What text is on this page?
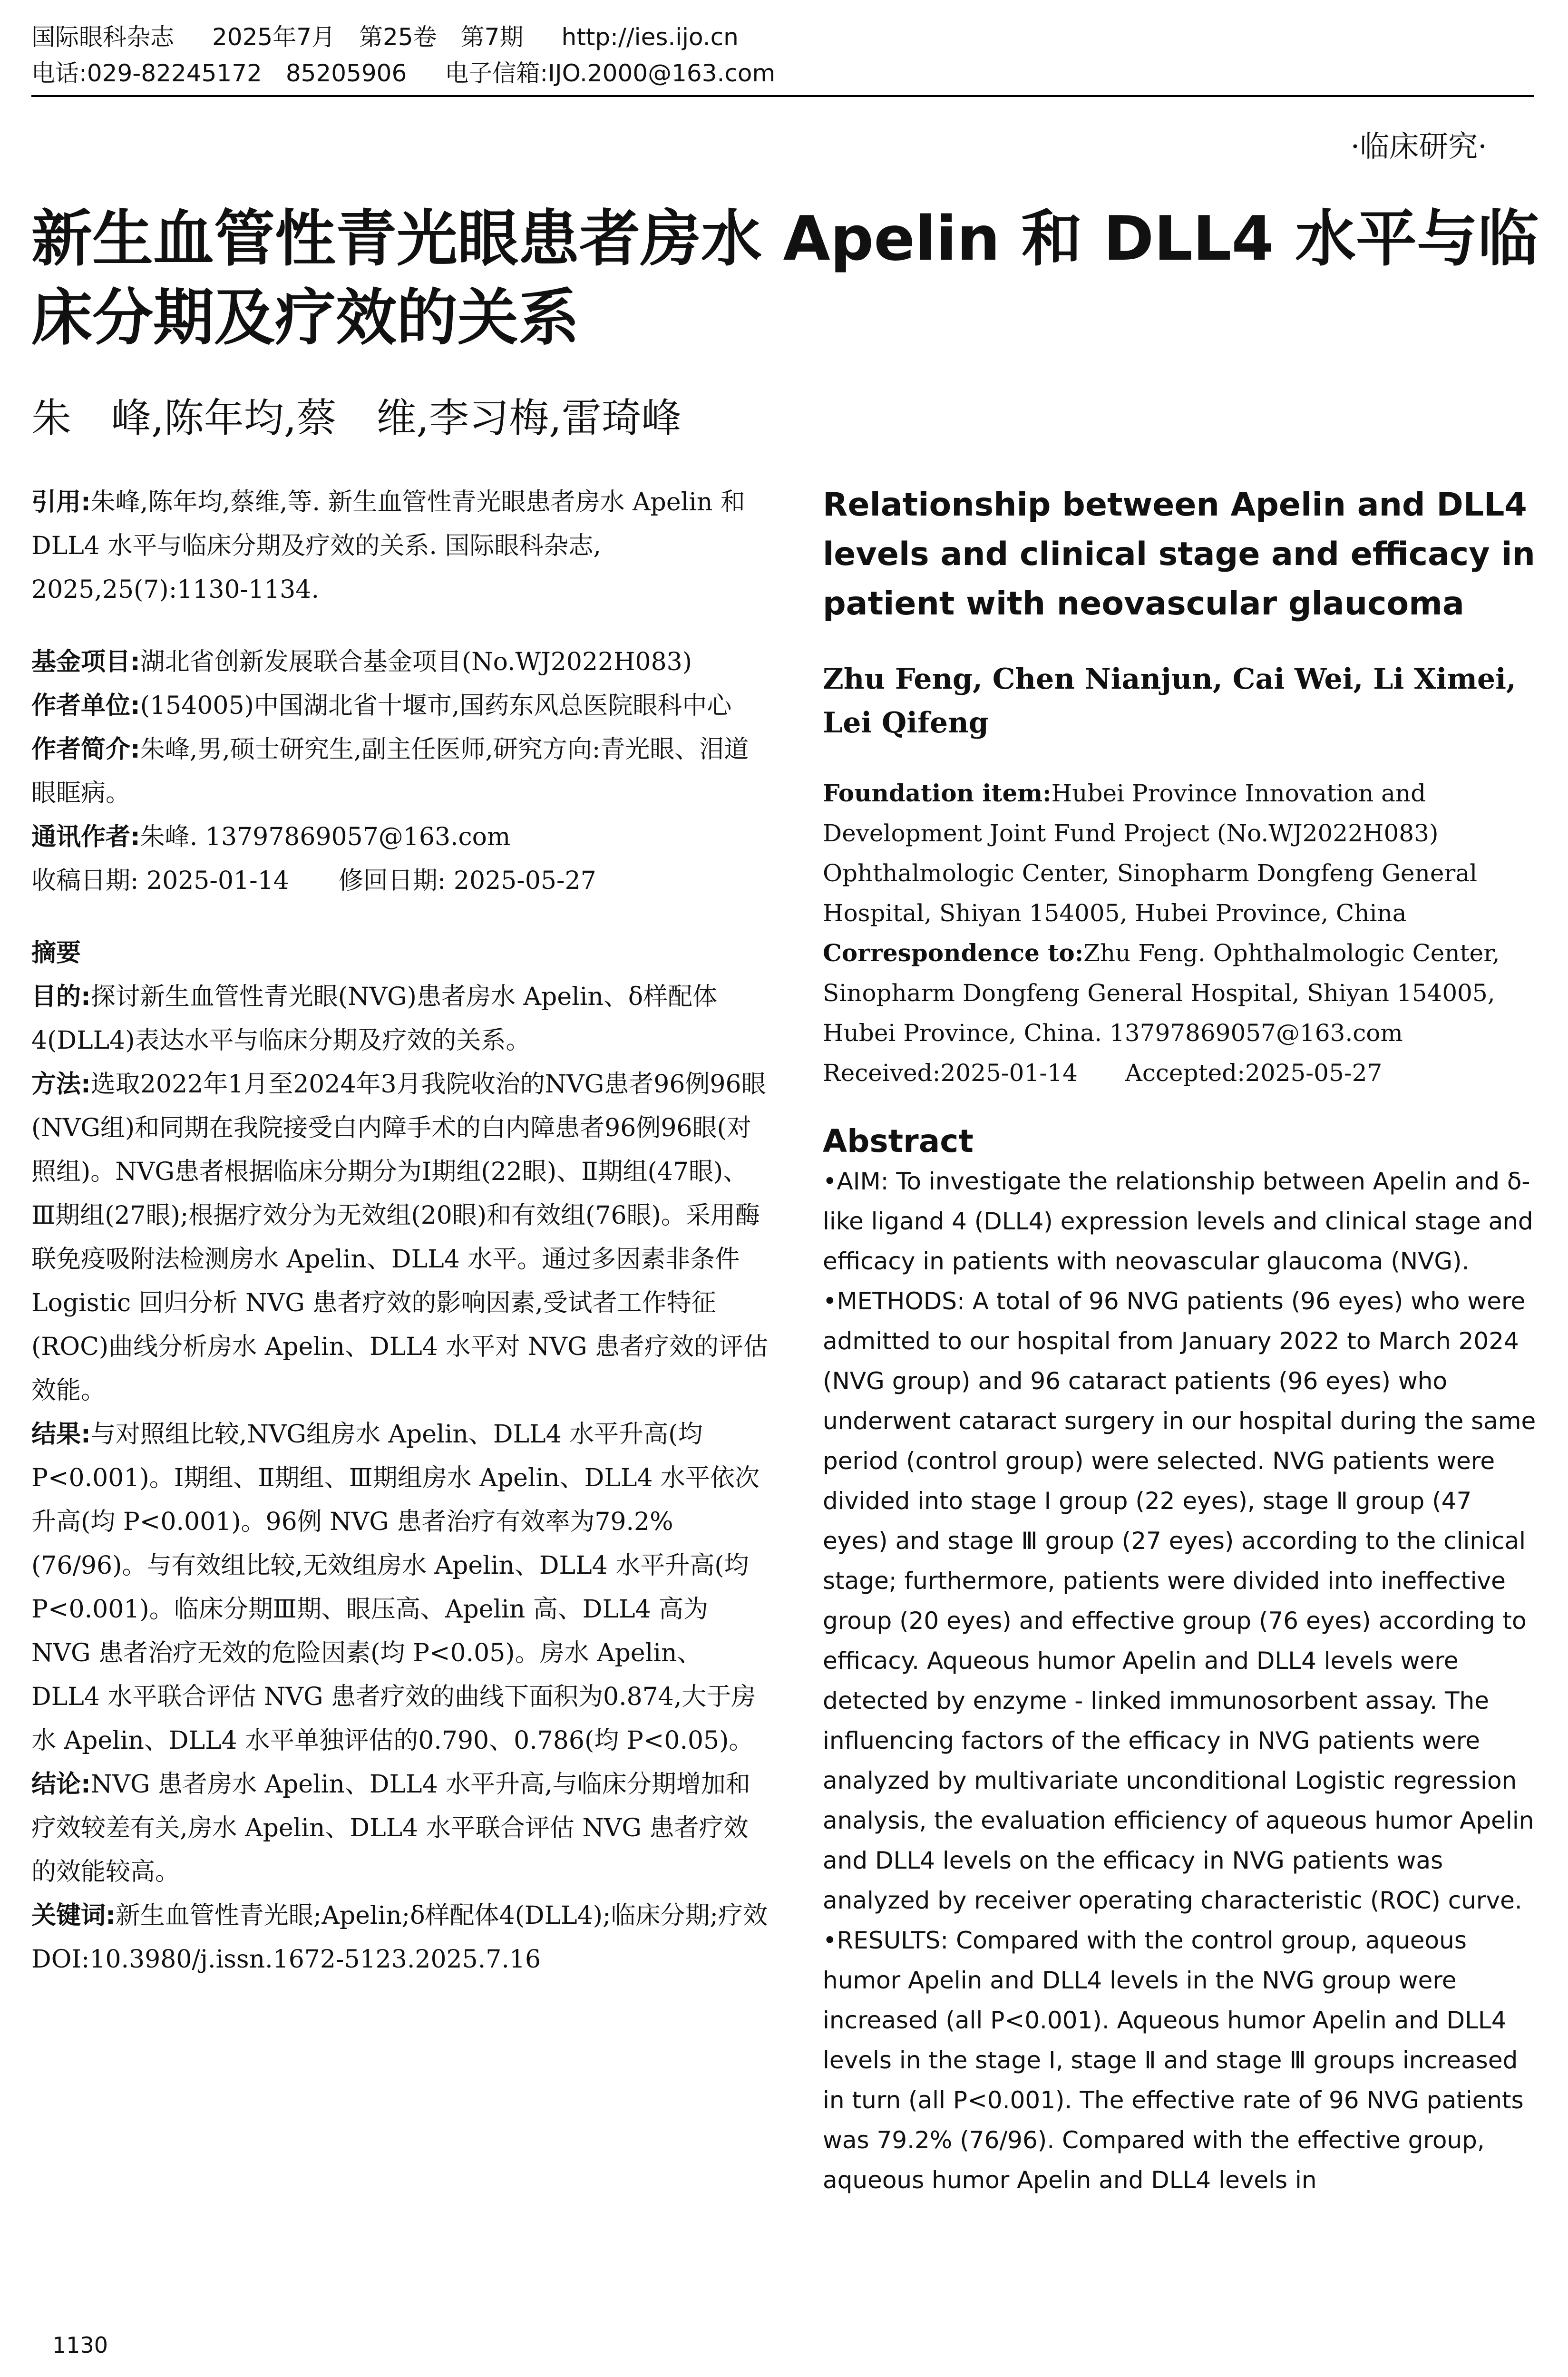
国际眼科杂志 2025年7月　第25卷　第7期 http://ies.ijo.cn
电话:029-82245172　85205906 电子信箱:IJO.2000@163.com
·临床研究·
新生血管性青光眼患者房水 Apelin 和 DLL4 水平与临床分期及疗效的关系
朱　峰,陈年均,蔡　维,李习梅,雷琦峰

引用:朱峰,陈年均,蔡维,等. 新生血管性青光眼患者房水 Apelin 和 DLL4 水平与临床分期及疗效的关系. 国际眼科杂志, 2025,25(7):1130-1134.

基金项目:湖北省创新发展联合基金项目(No.WJ2022H083)

作者单位:(154005)中国湖北省十堰市,国药东风总医院眼科中心

作者简介:朱峰,男,硕士研究生,副主任医师,研究方向:青光眼、泪道眼眶病。

通讯作者:朱峰. 13797869057@163.com

收稿日期: 2025-01-14　　修回日期: 2025-05-27

摘要

目的:探讨新生血管性青光眼(NVG)患者房水 Apelin、δ样配体4(DLL4)表达水平与临床分期及疗效的关系。

方法:选取2022年1月至2024年3月我院收治的NVG患者96例96眼(NVG组)和同期在我院接受白内障手术的白内障患者96例96眼(对照组)。NVG患者根据临床分期分为Ⅰ期组(22眼)、Ⅱ期组(47眼)、Ⅲ期组(27眼);根据疗效分为无效组(20眼)和有效组(76眼)。采用酶联免疫吸附法检测房水 Apelin、DLL4 水平。通过多因素非条件 Logistic 回归分析 NVG 患者疗效的影响因素,受试者工作特征(ROC)曲线分析房水 Apelin、DLL4 水平对 NVG 患者疗效的评估效能。

结果:与对照组比较,NVG组房水 Apelin、DLL4 水平升高(均 P<0.001)。Ⅰ期组、Ⅱ期组、Ⅲ期组房水 Apelin、DLL4 水平依次升高(均 P<0.001)。96例 NVG 患者治疗有效率为79.2%(76/96)。与有效组比较,无效组房水 Apelin、DLL4 水平升高(均 P<0.001)。临床分期Ⅲ期、眼压高、Apelin 高、DLL4 高为 NVG 患者治疗无效的危险因素(均 P<0.05)。房水 Apelin、DLL4 水平联合评估 NVG 患者疗效的曲线下面积为0.874,大于房水 Apelin、DLL4 水平单独评估的0.790、0.786(均 P<0.05)。

结论:NVG 患者房水 Apelin、DLL4 水平升高,与临床分期增加和疗效较差有关,房水 Apelin、DLL4 水平联合评估 NVG 患者疗效的效能较高。

关键词:新生血管性青光眼;Apelin;δ样配体4(DLL4);临床分期;疗效

DOI:10.3980/j.issn.1672-5123.2025.7.16

Relationship between Apelin and DLL4 levels and clinical stage and efficacy in patient with neovascular glaucoma

Zhu Feng, Chen Nianjun, Cai Wei, Li Ximei, Lei Qifeng

Foundation item:Hubei Province Innovation and Development Joint Fund Project (No.WJ2022H083)

Ophthalmologic Center, Sinopharm Dongfeng General Hospital, Shiyan 154005, Hubei Province, China

Correspondence to:Zhu Feng. Ophthalmologic Center, Sinopharm Dongfeng General Hospital, Shiyan 154005, Hubei Province, China. 13797869057@163.com

Received:2025-01-14　　Accepted:2025-05-27

Abstract

•AIM: To investigate the relationship between Apelin and δ-like ligand 4 (DLL4) expression levels and clinical stage and efficacy in patients with neovascular glaucoma (NVG).

•METHODS: A total of 96 NVG patients (96 eyes) who were admitted to our hospital from January 2022 to March 2024 (NVG group) and 96 cataract patients (96 eyes) who underwent cataract surgery in our hospital during the same period (control group) were selected. NVG patients were divided into stage Ⅰ group (22 eyes), stage Ⅱ group (47 eyes) and stage Ⅲ group (27 eyes) according to the clinical stage; furthermore, patients were divided into ineffective group (20 eyes) and effective group (76 eyes) according to efficacy. Aqueous humor Apelin and DLL4 levels were detected by enzyme - linked immunosorbent assay. The influencing factors of the efficacy in NVG patients were analyzed by multivariate unconditional Logistic regression analysis, the evaluation efficiency of aqueous humor Apelin and DLL4 levels on the efficacy in NVG patients was analyzed by receiver operating characteristic (ROC) curve.

•RESULTS: Compared with the control group, aqueous humor Apelin and DLL4 levels in the NVG group were increased (all P<0.001). Aqueous humor Apelin and DLL4 levels in the stage Ⅰ, stage Ⅱ and stage Ⅲ groups increased in turn (all P<0.001). The effective rate of 96 NVG patients was 79.2% (76/96). Compared with the effective group, aqueous humor Apelin and DLL4 levels in

1130
